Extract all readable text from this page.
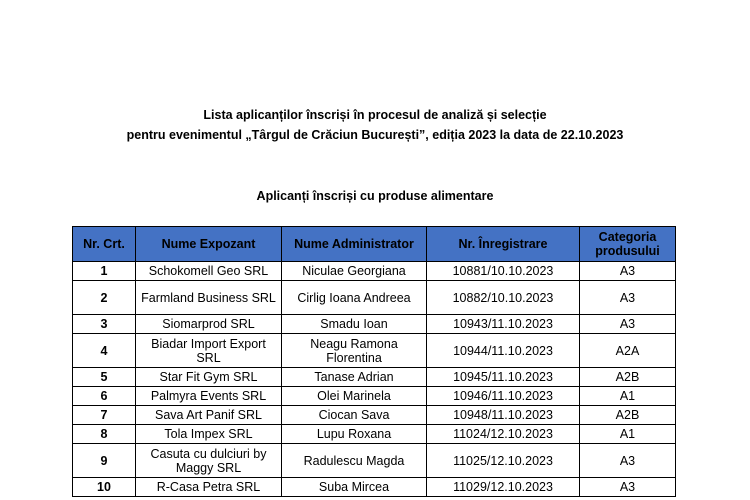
Lista aplicanților înscriși în procesul de analiză și selecție
pentru evenimentul „Târgul de Crăciun București”, ediția 2023 la data de 22.10.2023
Aplicanți înscriși cu produse alimentare
Nr. Crt.	Nume Expozant	Nume Administrator	Nr. Înregistrare	Categoria produsului
1	Schokomell Geo SRL	Niculae Georgiana	10881/10.10.2023	A3
2	Farmland Business SRL	Cirlig Ioana Andreea	10882/10.10.2023	A3
3	Siomarprod SRL	Smadu Ioan	10943/11.10.2023	A3
4	Biadar Import Export SRL	Neagu Ramona Florentina	10944/11.10.2023	A2A
5	Star Fit Gym SRL	Tanase Adrian	10945/11.10.2023	A2B
6	Palmyra Events SRL	Olei Marinela	10946/11.10.2023	A1
7	Sava Art Panif SRL	Ciocan Sava	10948/11.10.2023	A2B
8	Tola Impex SRL	Lupu Roxana	11024/12.10.2023	A1
9	Casuta cu dulciuri by Maggy SRL	Radulescu Magda	11025/12.10.2023	A3
10	R-Casa Petra SRL	Suba Mircea	11029/12.10.2023	A3
